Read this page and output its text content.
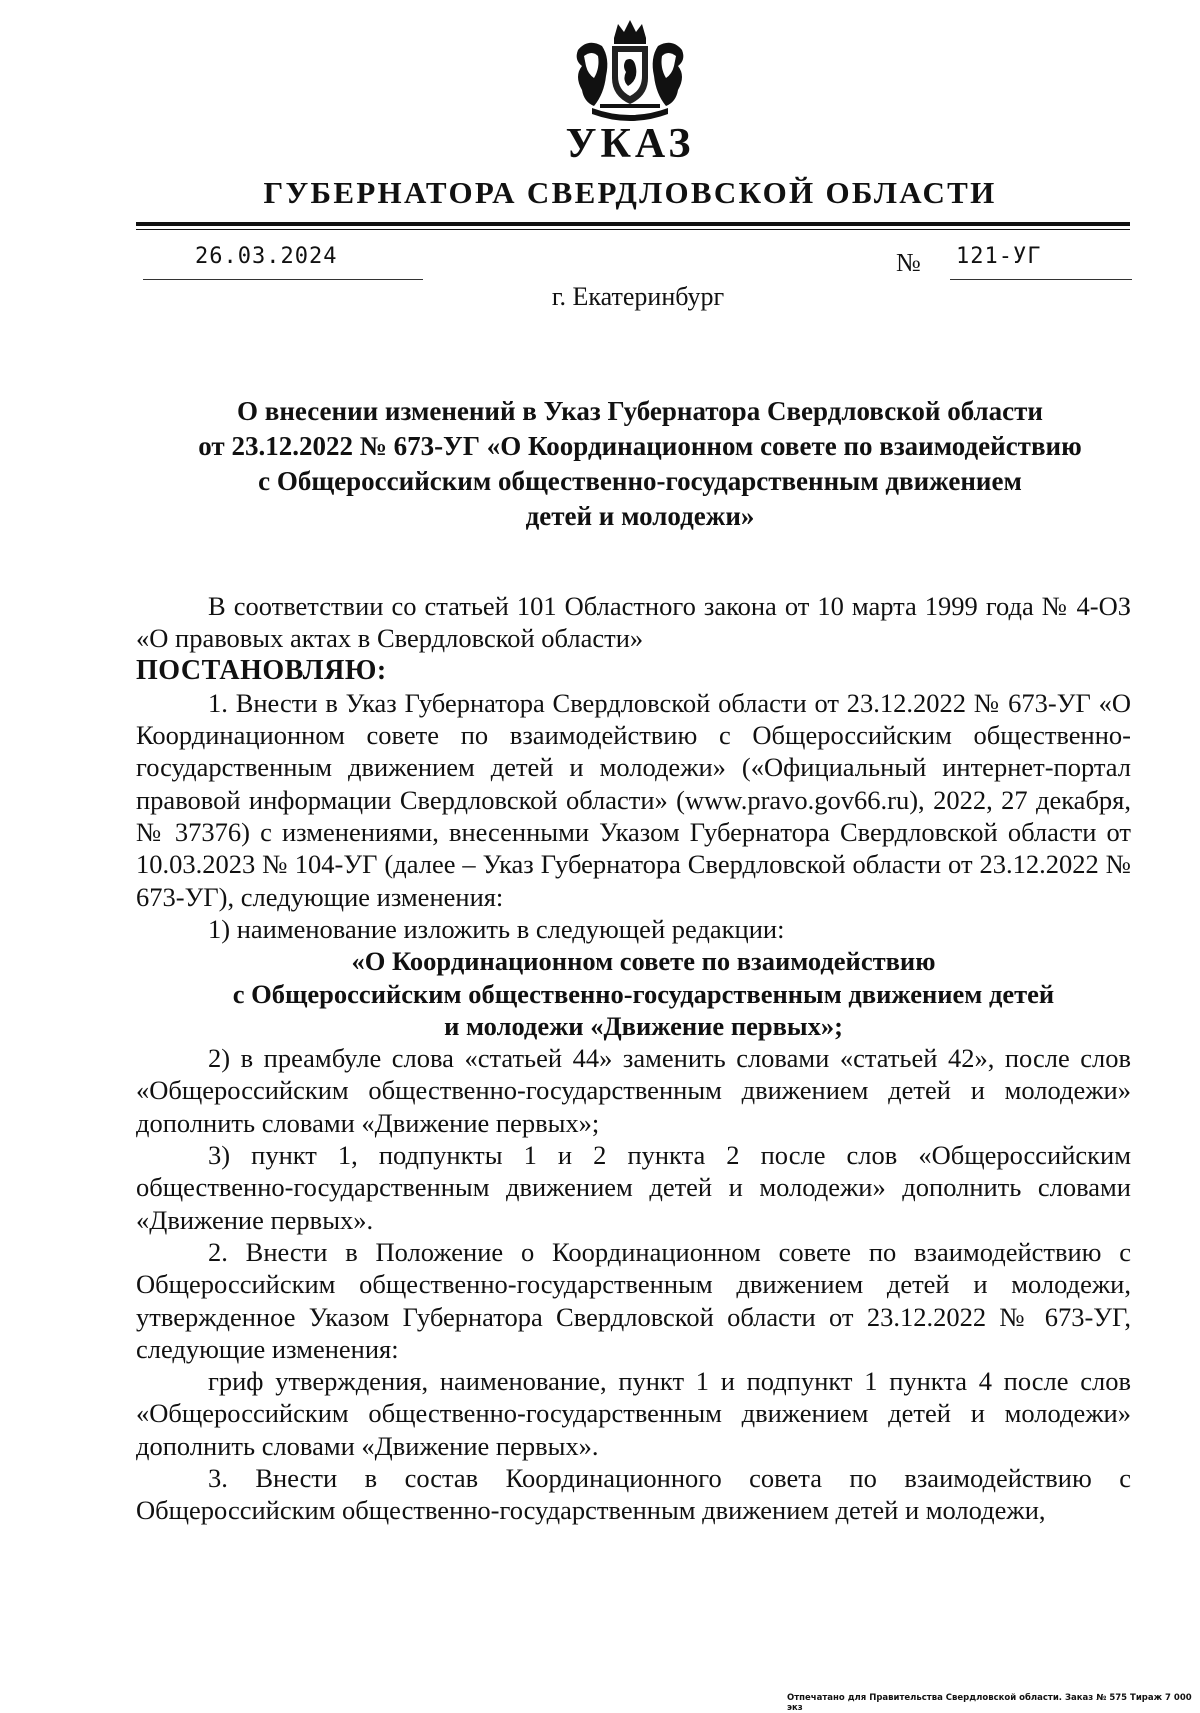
УКАЗ
ГУБЕРНАТОРА СВЕРДЛОВСКОЙ ОБЛАСТИ
26.03.2024	№ 121-УГ
г. Екатеринбург
О внесении изменений в Указ Губернатора Свердловской области
от 23.12.2022 № 673-УГ «О Координационном совете по взаимодействию
с Общероссийским общественно-государственным движением
детей и молодежи»

В соответствии со статьей 101 Областного закона от 10 марта 1999 года № 4-ОЗ «О правовых актах в Свердловской области»

ПОСТАНОВЛЯЮ:

1. Внести в Указ Губернатора Свердловской области от 23.12.2022 № 673-УГ «О Координационном совете по взаимодействию с Общероссийским общественно-государственным движением детей и молодежи» («Официальный интернет-портал правовой информации Свердловской области» (www.pravo.gov66.ru), 2022, 27 декабря, № 37376) с изменениями, внесенными Указом Губернатора Свердловской области от 10.03.2023 № 104-УГ (далее – Указ Губернатора Свердловской области от 23.12.2022 № 673-УГ), следующие изменения:

1) наименование изложить в следующей редакции:

«О Координационном совете по взаимодействию
с Общероссийским общественно-государственным движением детей
и молодежи «Движение первых»;

2) в преамбуле слова «статьей 44» заменить словами «статьей 42», после слов «Общероссийским общественно-государственным движением детей и молодежи» дополнить словами «Движение первых»;

3) пункт 1, подпункты 1 и 2 пункта 2 после слов «Общероссийским общественно-государственным движением детей и молодежи» дополнить словами «Движение первых».

2. Внести в Положение о Координационном совете по взаимодействию с Общероссийским общественно-государственным движением детей и молодежи, утвержденное Указом Губернатора Свердловской области от 23.12.2022 № 673-УГ, следующие изменения:

гриф утверждения, наименование, пункт 1 и подпункт 1 пункта 4 после слов «Общероссийским общественно-государственным движением детей и молодежи» дополнить словами «Движение первых».

3. Внести в состав Координационного совета по взаимодействию с Общероссийским общественно-государственным движением детей и молодежи,

Отпечатано для Правительства Свердловской области. Заказ № 575 Тираж 7 000 экз
